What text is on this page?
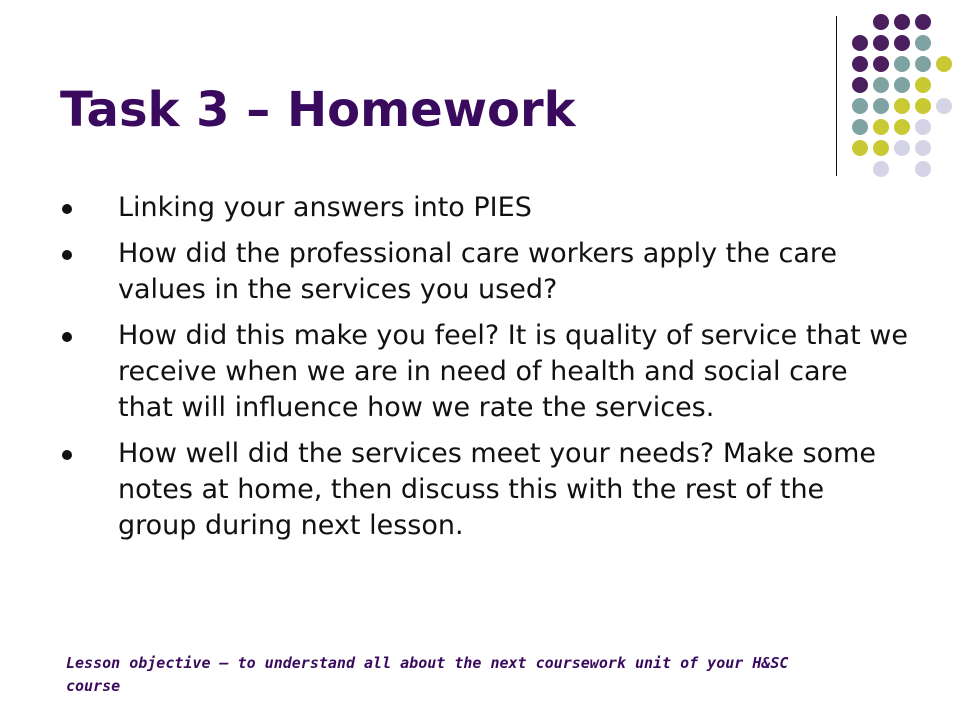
Task 3 – Homework
Linking your answers into PIES
How did the professional care workers apply the care values in the services you used?
How did this make you feel? It is quality of service that we receive when we are in need of health and social care that will influence how we rate the services.
How well did the services meet your needs? Make some notes at home, then discuss this with the rest of the group during next lesson.

Lesson objective – to understand all about the next coursework unit of your H&SC course
